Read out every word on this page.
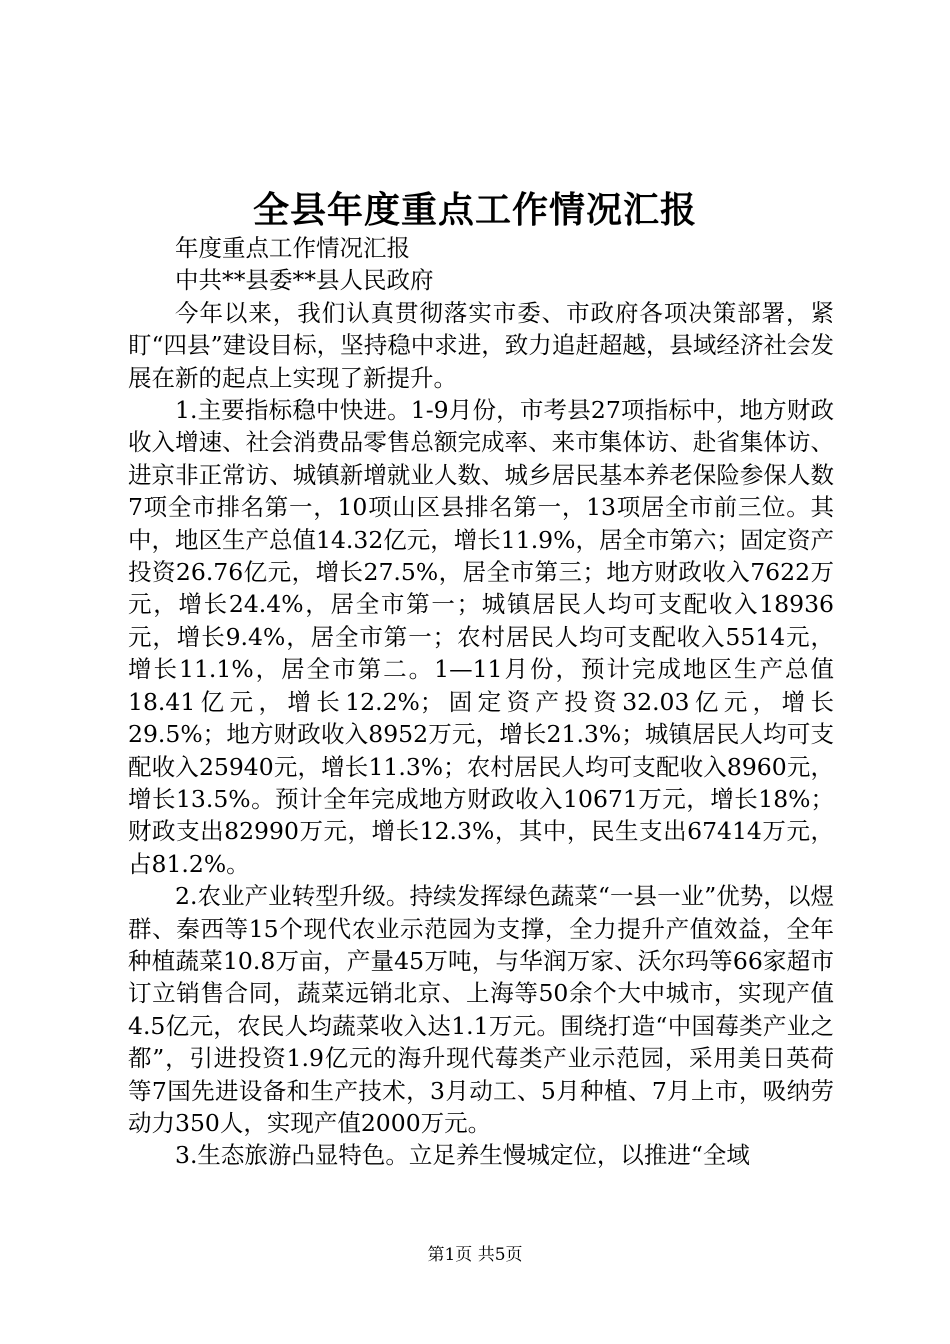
全县年度重点工作情况汇报

年度重点工作情况汇报

中共**县委**县人民政府

今年以来，我们认真贯彻落实市委、市政府各项决策部署，紧盯“四县”建设目标，坚持稳中求进，致力追赶超越，县域经济社会发展在新的起点上实现了新提升。

1.主要指标稳中快进。1-9月份，市考县27项指标中，地方财政收入增速、社会消费品零售总额完成率、来市集体访、赴省集体访、进京非正常访、城镇新增就业人数、城乡居民基本养老保险参保人数7项全市排名第一，10项山区县排名第一，13项居全市前三位。其中，地区生产总值14.32亿元，增长11.9%，居全市第六；固定资产投资26.76亿元，增长27.5%，居全市第三；地方财政收入7622万元，增长24.4%，居全市第一；城镇居民人均可支配收入18936元，增长9.4%，居全市第一；农村居民人均可支配收入5514元，增长11.1%，居全市第二。1—11月份，预计完成地区生产总值18.41亿元，增长12.2%；固定资产投资32.03亿元，增长29.5%；地方财政收入8952万元，增长21.3%；城镇居民人均可支配收入25940元，增长11.3%；农村居民人均可支配收入8960元，增长13.5%。预计全年完成地方财政收入10671万元，增长18%；财政支出82990万元，增长12.3%，其中，民生支出67414万元，占81.2%。

2.农业产业转型升级。持续发挥绿色蔬菜“一县一业”优势，以煜群、秦西等15个现代农业示范园为支撑，全力提升产值效益，全年种植蔬菜10.8万亩，产量45万吨，与华润万家、沃尔玛等66家超市订立销售合同，蔬菜远销北京、上海等50余个大中城市，实现产值4.5亿元，农民人均蔬菜收入达1.1万元。围绕打造“中国莓类产业之都”，引进投资1.9亿元的海升现代莓类产业示范园，采用美日英荷等7国先进设备和生产技术，3月动工、5月种植、7月上市，吸纳劳动力350人，实现产值2000万元。

3.生态旅游凸显特色。立足养生慢城定位，以推进“全域

第1页 共5页
